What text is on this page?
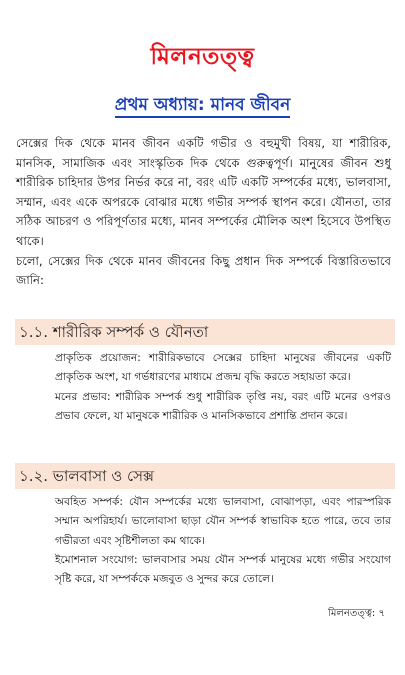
মিলনতত্ত্ব
প্রথম অধ্যায়: মানব জীবন

সেক্সের দিক থেকে মানব জীবন একটি গভীর ও বহুমুখী বিষয়, যা শারীরিক, মানসিক, সামাজিক এবং সাংস্কৃতিক দিক থেকে গুরুত্বপূর্ণ। মানুষের জীবন শুধু শারীরিক চাহিদার উপর নির্ভর করে না, বরং এটি একটি সম্পর্কের মধ্যে, ভালবাসা, সম্মান, এবং একে অপরকে বোঝার মধ্যে গভীর সম্পর্ক স্থাপন করে। যৌনতা, তার সঠিক আচরণ ও পরিপূর্ণতার মধ্যে, মানব সম্পর্কের মৌলিক অংশ হিসেবে উপস্থিত থাকে।

চলো, সেক্সের দিক থেকে মানব জীবনের কিছু প্রধান দিক সম্পর্কে বিস্তারিতভাবে জানি:

১.১. শারীরিক সম্পর্ক ও যৌনতা

প্রাকৃতিক প্রয়োজন: শারীরিকভাবে সেক্সের চাহিদা মানুষের জীবনের একটি প্রাকৃতিক অংশ, যা গর্ভধারণের মাধ্যমে প্রজন্ম বৃদ্ধি করতে সহায়তা করে।

মনের প্রভাব: শারীরিক সম্পর্ক শুধু শারীরিক তৃপ্তি নয়, বরং এটি মনের ওপরও প্রভাব ফেলে, যা মানুষকে শারীরিক ও মানসিকভাবে প্রশান্তি প্রদান করে।

১.২. ভালবাসা ও সেক্স

অবহিত সম্পর্ক: যৌন সম্পর্কের মধ্যে ভালবাসা, বোঝাপড়া, এবং পারস্পরিক সম্মান অপরিহার্য। ভালোবাসা ছাড়া যৌন সম্পর্ক স্বাভাবিক হতে পারে, তবে তার গভীরতা এবং সৃষ্টিশীলতা কম থাকে।

ইমোশনাল সংযোগ: ভালবাসার সময় যৌন সম্পর্ক মানুষের মধ্যে গভীর সংযোগ সৃষ্টি করে, যা সম্পর্ককে মজবুত ও সুন্দর করে তোলে।

মিলনতত্ত্ব: ৭
